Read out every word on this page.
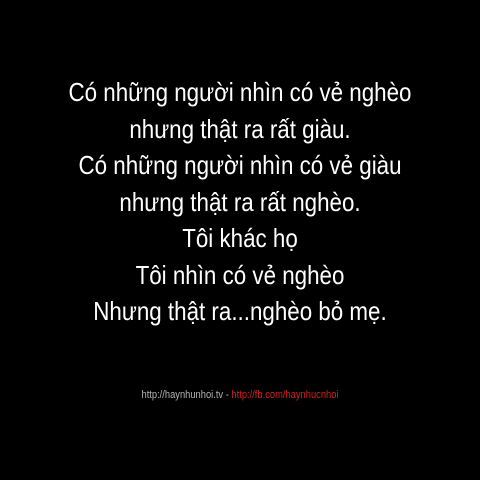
Có những người nhìn có vẻ nghèo
nhưng thật ra rất giàu.
Có những người nhìn có vẻ giàu
nhưng thật ra rất nghèo.
Tôi khác họ
Tôi nhìn có vẻ nghèo
Nhưng thật ra...nghèo bỏ mẹ.
http://haynhunhoi.tv - http://fb.com/haynhucnhoi
